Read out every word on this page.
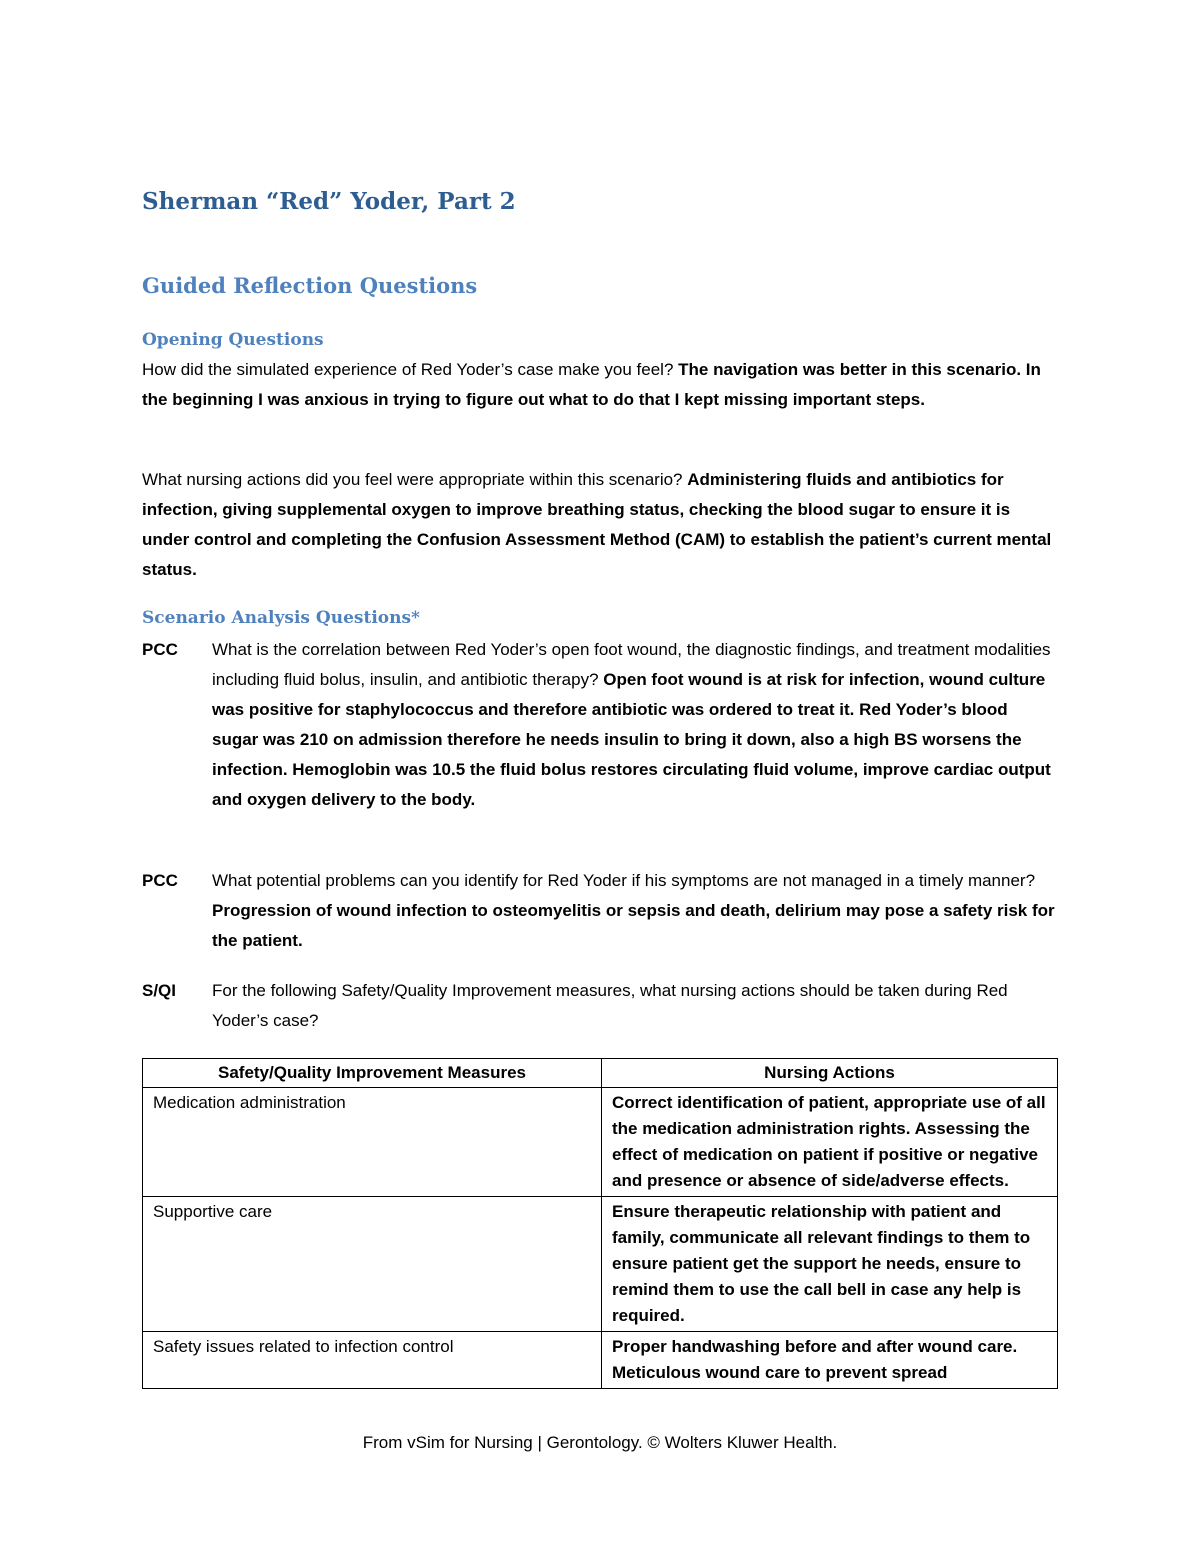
Sherman “Red” Yoder, Part 2
Guided Reflection Questions
Opening Questions

How did the simulated experience of Red Yoder’s case make you feel? The navigation was better in this scenario. In the beginning I was anxious in trying to figure out what to do that I kept missing important steps.

What nursing actions did you feel were appropriate within this scenario? Administering fluids and antibiotics for infection, giving supplemental oxygen to improve breathing status, checking the blood sugar to ensure it is under control and completing the Confusion Assessment Method (CAM) to establish the patient’s current mental status.

Scenario Analysis Questions*
PCC What is the correlation between Red Yoder’s open foot wound, the diagnostic findings, and treatment modalities including fluid bolus, insulin, and antibiotic therapy? Open foot wound is at risk for infection, wound culture was positive for staphylococcus and therefore antibiotic was ordered to treat it. Red Yoder’s blood sugar was 210 on admission therefore he needs insulin to bring it down, also a high BS worsens the infection. Hemoglobin was 10.5 the fluid bolus restores circulating fluid volume, improve cardiac output and oxygen delivery to the body.

PCC What potential problems can you identify for Red Yoder if his symptoms are not managed in a timely manner? Progression of wound infection to osteomyelitis or sepsis and death, delirium may pose a safety risk for the patient.

S/QI For the following Safety/Quality Improvement measures, what nursing actions should be taken during Red Yoder’s case?

Safety/Quality Improvement Measures	Nursing Actions
Medication administration	Correct identification of patient, appropriate use of all the medication administration rights. Assessing the effect of medication on patient if positive or negative and presence or absence of side/adverse effects.
Supportive care	Ensure therapeutic relationship with patient and family, communicate all relevant findings to them to ensure patient get the support he needs, ensure to remind them to use the call bell in case any help is required.
Safety issues related to infection control	Proper handwashing before and after wound care. Meticulous wound care to prevent spread
From vSim for Nursing | Gerontology. © Wolters Kluwer Health.
